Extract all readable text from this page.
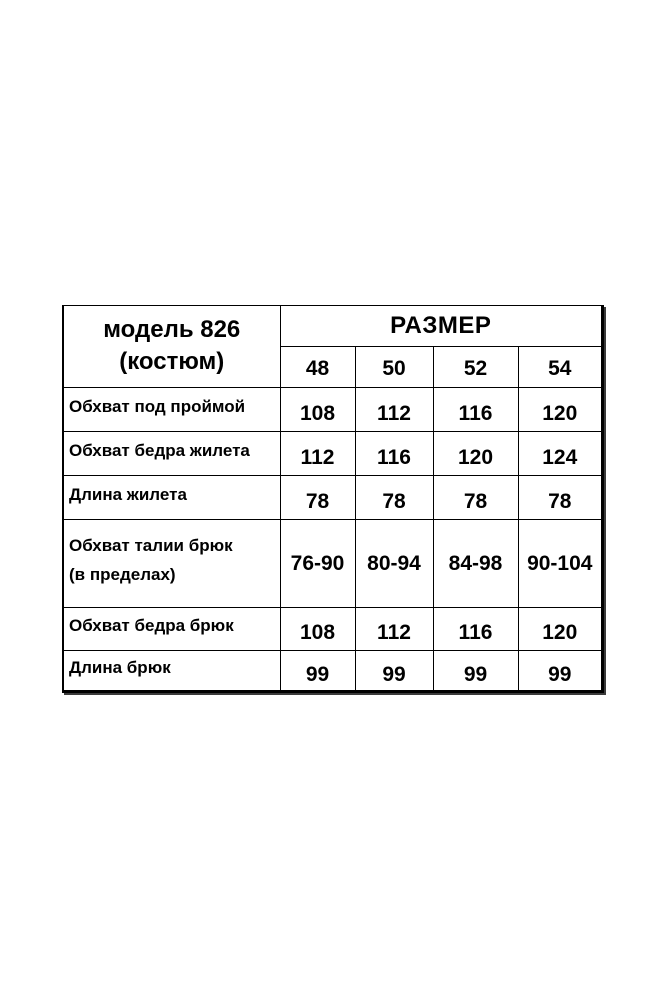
модель 826
(костюм)	РАЗМЕР			
	48	50	52	54
Обхват под проймой	108	112	116	120
Обхват бедра жилета	112	116	120	124
Длина жилета	78	78	78	78

Обхват талии брюк
(в пределах)	76-90	80-94	84-98	90-104
Обхват бедра брюк	108	112	116	120
Длина брюк	99	99	99	99
